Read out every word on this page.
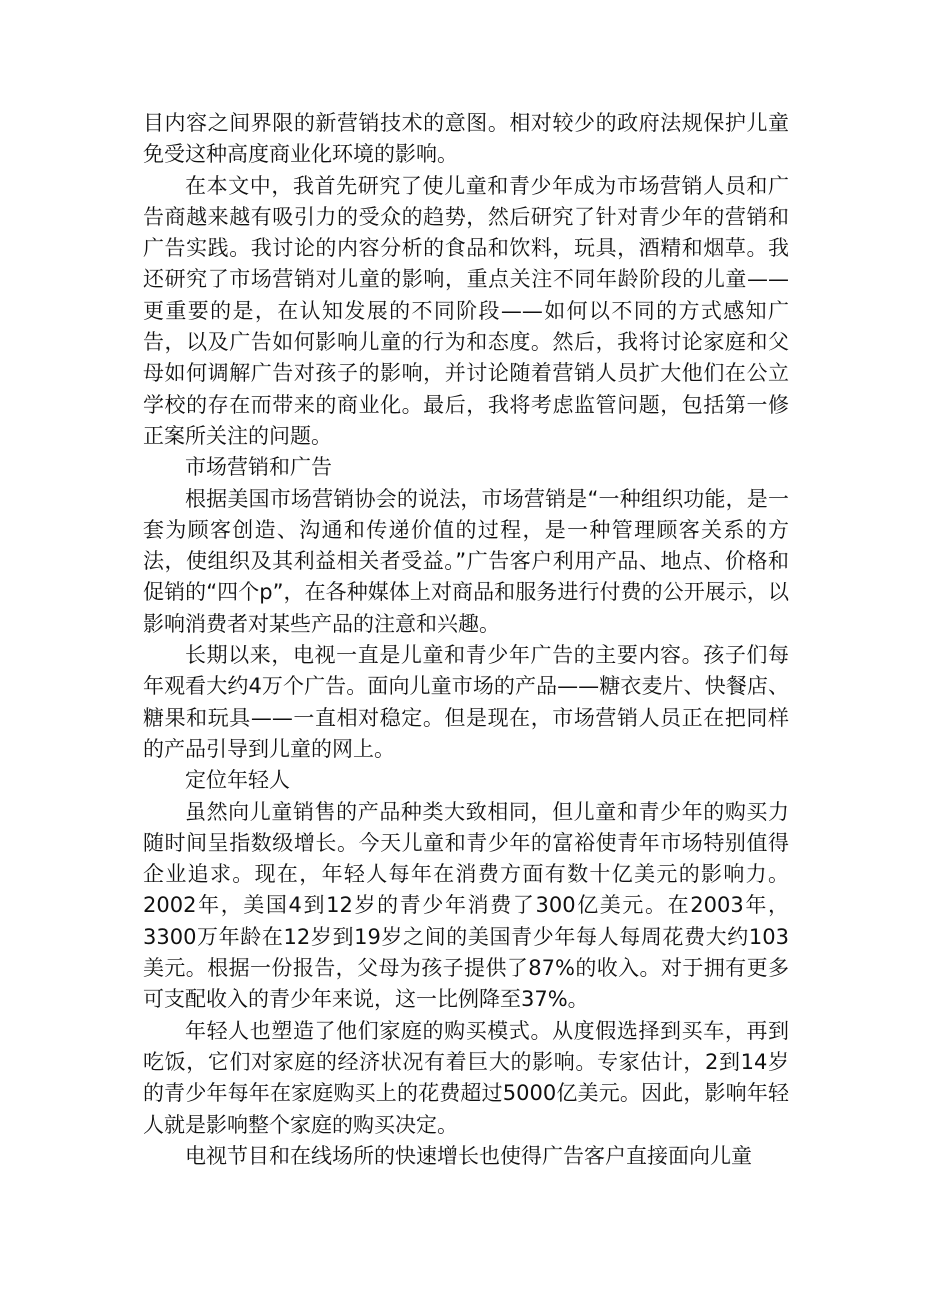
目内容之间界限的新营销技术的意图。相对较少的政府法规保护儿童免受这种高度商业化环境的影响。

在本文中，我首先研究了使儿童和青少年成为市场营销人员和广告商越来越有吸引力的受众的趋势，然后研究了针对青少年的营销和广告实践。我讨论的内容分析的食品和饮料，玩具，酒精和烟草。我还研究了市场营销对儿童的影响，重点关注不同年龄阶段的儿童——更重要的是，在认知发展的不同阶段——如何以不同的方式感知广告，以及广告如何影响儿童的行为和态度。然后，我将讨论家庭和父母如何调解广告对孩子的影响，并讨论随着营销人员扩大他们在公立学校的存在而带来的商业化。最后，我将考虑监管问题，包括第一修正案所关注的问题。

市场营销和广告

根据美国市场营销协会的说法，市场营销是“一种组织功能，是一套为顾客创造、沟通和传递价值的过程，是一种管理顾客关系的方法，使组织及其利益相关者受益。”广告客户利用产品、地点、价格和促销的“四个p”，在各种媒体上对商品和服务进行付费的公开展示，以影响消费者对某些产品的注意和兴趣。

长期以来，电视一直是儿童和青少年广告的主要内容。孩子们每年观看大约4万个广告。面向儿童市场的产品——糖衣麦片、快餐店、糖果和玩具——一直相对稳定。但是现在，市场营销人员正在把同样的产品引导到儿童的网上。

定位年轻人

虽然向儿童销售的产品种类大致相同，但儿童和青少年的购买力随时间呈指数级增长。今天儿童和青少年的富裕使青年市场特别值得企业追求。现在，年轻人每年在消费方面有数十亿美元的影响力。2002年，美国4到12岁的青少年消费了300亿美元。在2003年，3300万年龄在12岁到19岁之间的美国青少年每人每周花费大约103美元。根据一份报告，父母为孩子提供了87%的收入。对于拥有更多可支配收入的青少年来说，这一比例降至37%。

年轻人也塑造了他们家庭的购买模式。从度假选择到买车，再到吃饭，它们对家庭的经济状况有着巨大的影响。专家估计，2到14岁的青少年每年在家庭购买上的花费超过5000亿美元。因此，影响年轻人就是影响整个家庭的购买决定。

电视节目和在线场所的快速增长也使得广告客户直接面向儿童
